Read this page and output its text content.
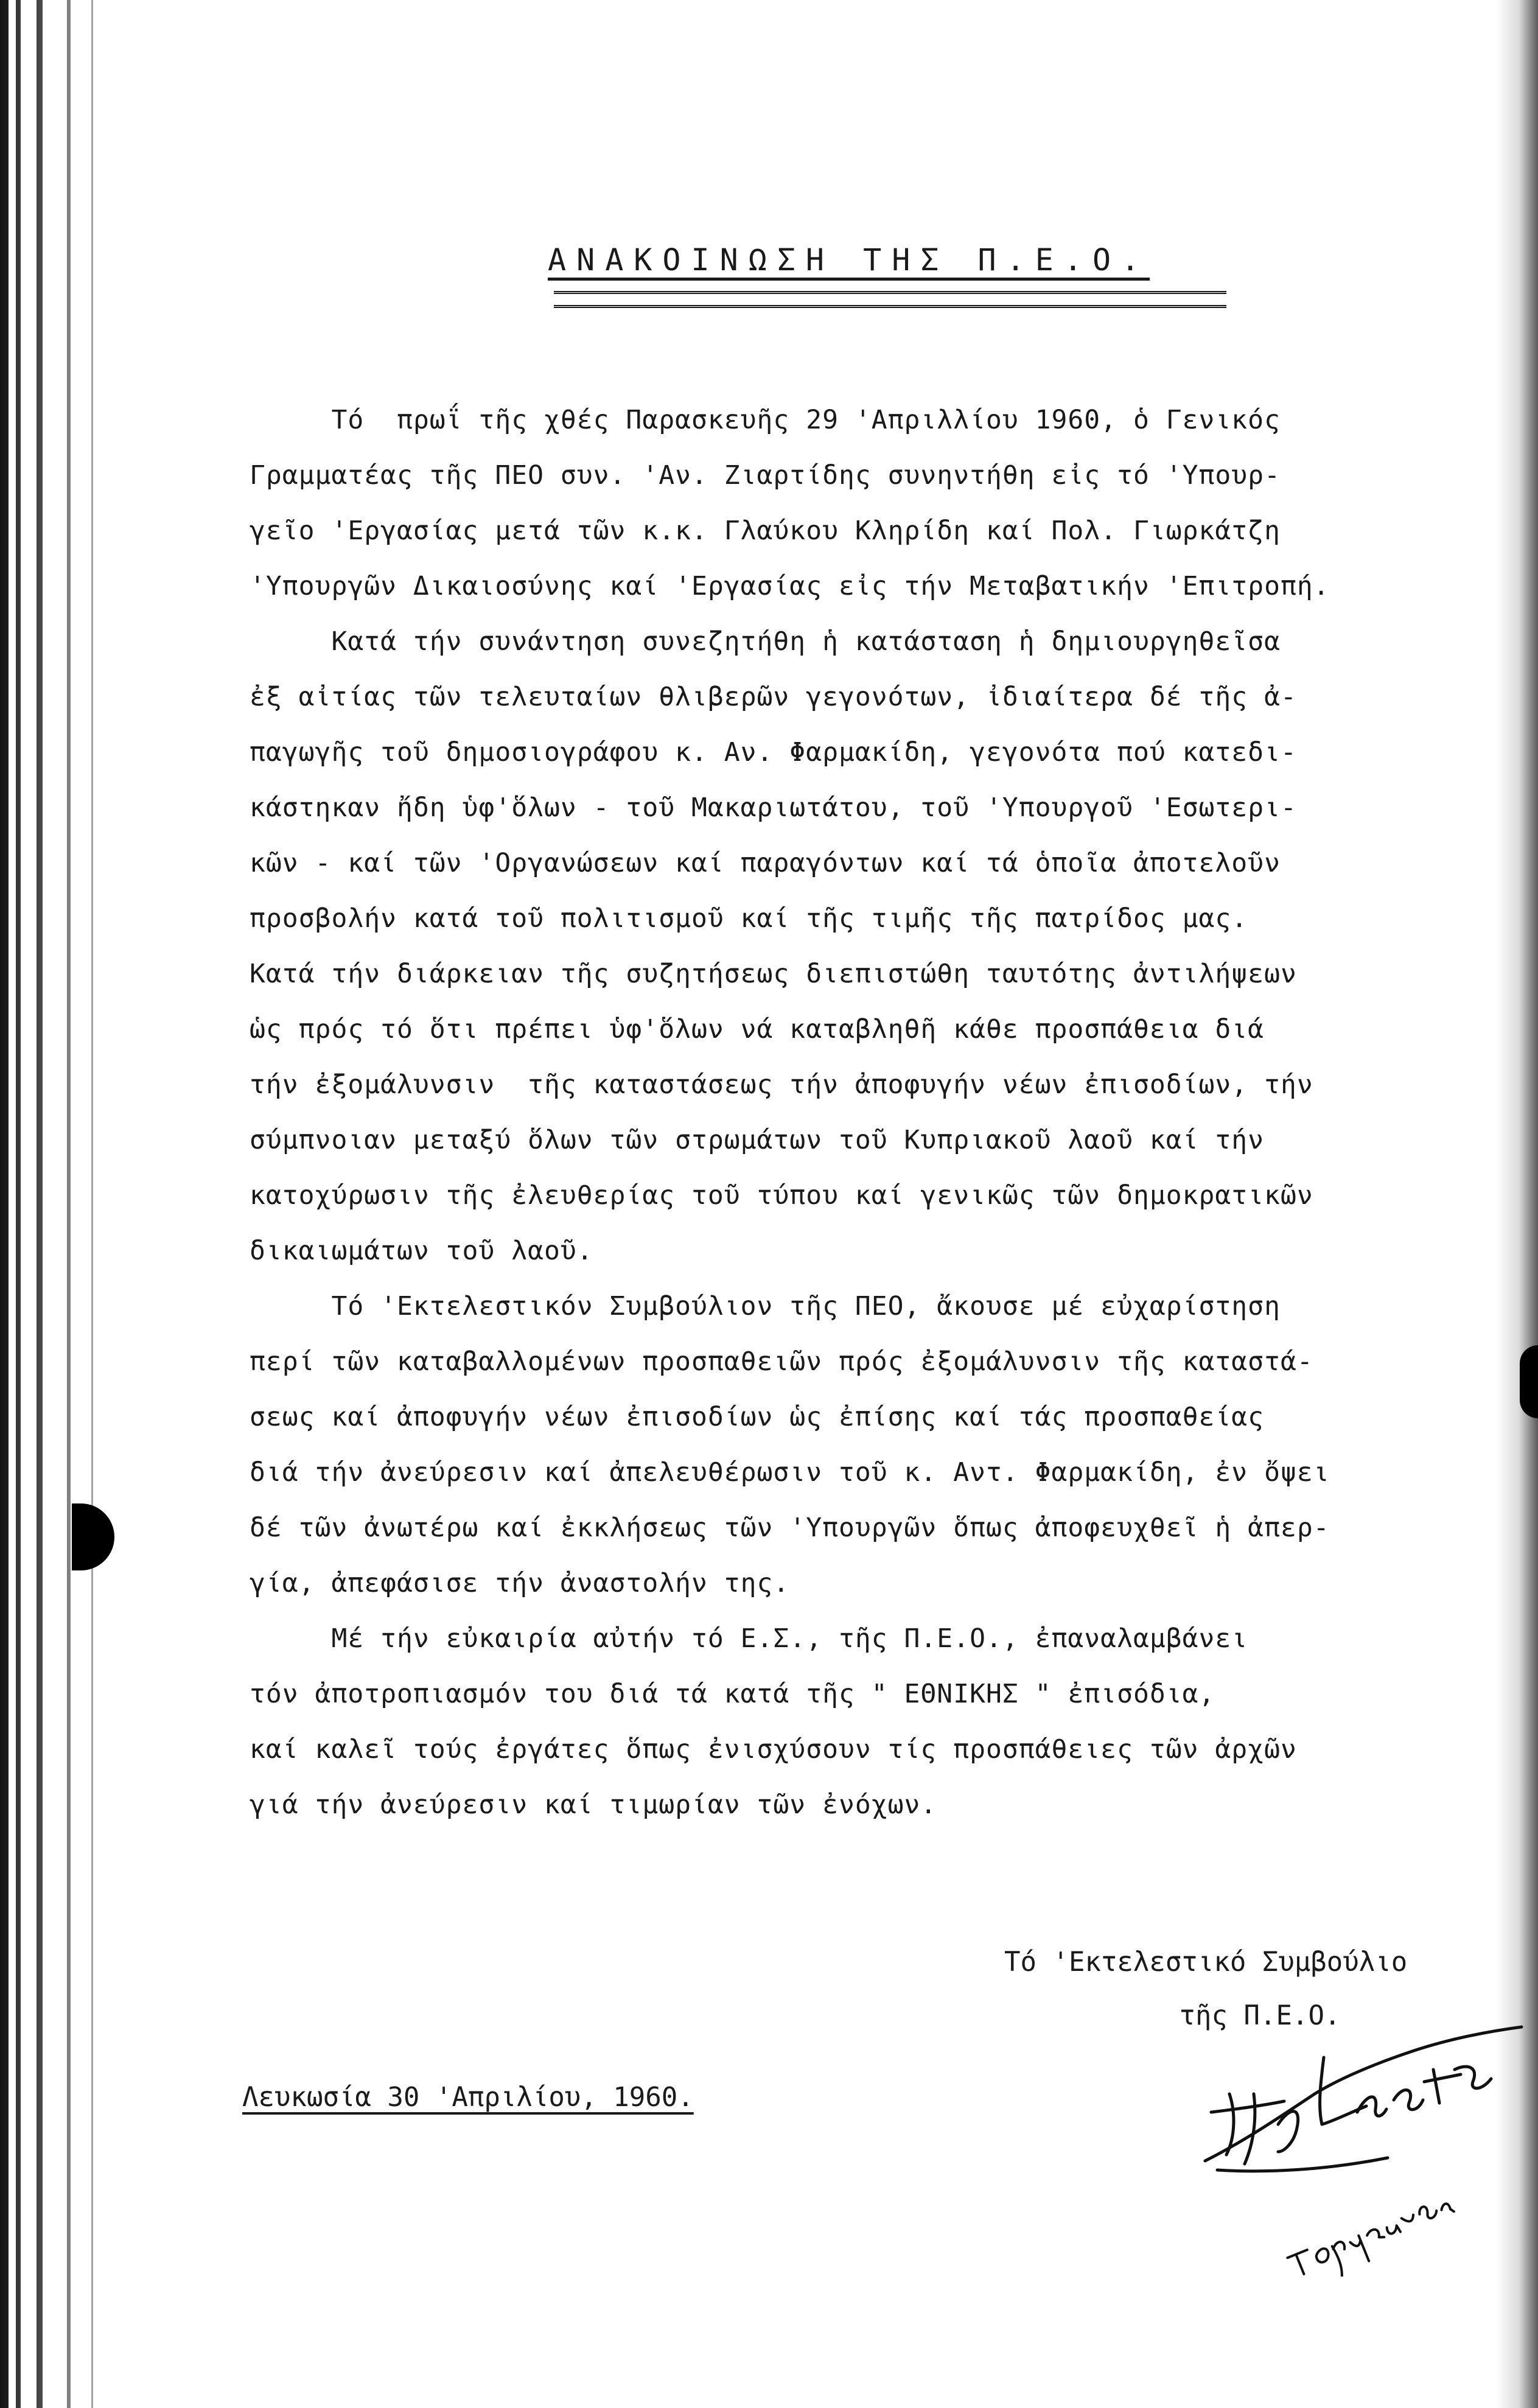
ΑΝΑΚΟΙΝΩΣΗ ΤΗΣ Π.Ε.Ο.
Τό  πρωΐ τῆς χθές Παρασκευῆς 29 'Απριλλίου 1960, ὁ Γενικός
Γραμματέας τῆς ΠΕΟ συν. 'Αν. Ζιαρτίδης συνηντήθη εἰς τό 'Υπουρ-
γεῖο 'Εργασίας μετά τῶν κ.κ. Γλαύκου Κληρίδη καί Πολ. Γιωρκάτζη
'Υπουργῶν Δικαιοσύνης καί 'Εργασίας εἰς τήν Μεταβατικήν 'Επιτροπή.
Κατά τήν συνάντηση συνεζητήθη ἡ κατάσταση ἡ δημιουργηθεῖσα
ἐξ αἰτίας τῶν τελευταίων θλιβερῶν γεγονότων, ἰδιαίτερα δέ τῆς ἀ-
παγωγῆς τοῦ δημοσιογράφου κ. Αν. Φαρμακίδη, γεγονότα πού κατεδι-
κάστηκαν ἤδη ὑφ'ὅλων - τοῦ Μακαριωτάτου, τοῦ 'Υπουργοῦ 'Εσωτερι-
κῶν - καί τῶν 'Οργανώσεων καί παραγόντων καί τά ὁποῖα ἀποτελοῦν
προσβολήν κατά τοῦ πολιτισμοῦ καί τῆς τιμῆς τῆς πατρίδος μας.
Κατά τήν διάρκειαν τῆς συζητήσεως διεπιστώθη ταυτότης ἀντιλήψεων
ὡς πρός τό ὅτι πρέπει ὑφ'ὅλων νά καταβληθῆ κάθε προσπάθεια διά
τήν ἐξομάλυνσιν  τῆς καταστάσεως τήν ἀποφυγήν νέων ἐπισοδίων, τήν
σύμπνοιαν μεταξύ ὅλων τῶν στρωμάτων τοῦ Κυπριακοῦ λαοῦ καί τήν
κατοχύρωσιν τῆς ἐλευθερίας τοῦ τύπου καί γενικῶς τῶν δημοκρατικῶν
δικαιωμάτων τοῦ λαοῦ.
Τό 'Εκτελεστικόν Συμβούλιον τῆς ΠΕΟ, ἄκουσε μέ εὐχαρίστηση
περί τῶν καταβαλλομένων προσπαθειῶν πρός ἐξομάλυνσιν τῆς καταστά-
σεως καί ἀποφυγήν νέων ἐπισοδίων ὡς ἐπίσης καί τάς προσπαθείας
διά τήν ἀνεύρεσιν καί ἀπελευθέρωσιν τοῦ κ. Αντ. Φαρμακίδη, ἐν ὄψει
δέ τῶν ἀνωτέρω καί ἐκκλήσεως τῶν 'Υπουργῶν ὅπως ἀποφευχθεῖ ἡ ἀπερ-
γία, ἀπεφάσισε τήν ἀναστολήν της.
Μέ τήν εὐκαιρία αὐτήν τό Ε.Σ., τῆς Π.Ε.Ο., ἐπαναλαμβάνει
τόν ἀποτροπιασμόν του διά τά κατά τῆς " ΕΘΝΙΚΗΣ " ἐπισόδια,
καί καλεῖ τούς ἐργάτες ὅπως ἐνισχύσουν τίς προσπάθειες τῶν ἀρχῶν
γιά τήν ἀνεύρεσιν καί τιμωρίαν τῶν ἐνόχων.
Τό 'Εκτελεστικό Συμβούλιο
τῆς Π.Ε.Ο.
Λευκωσία 30 'Απριλίου, 1960.
